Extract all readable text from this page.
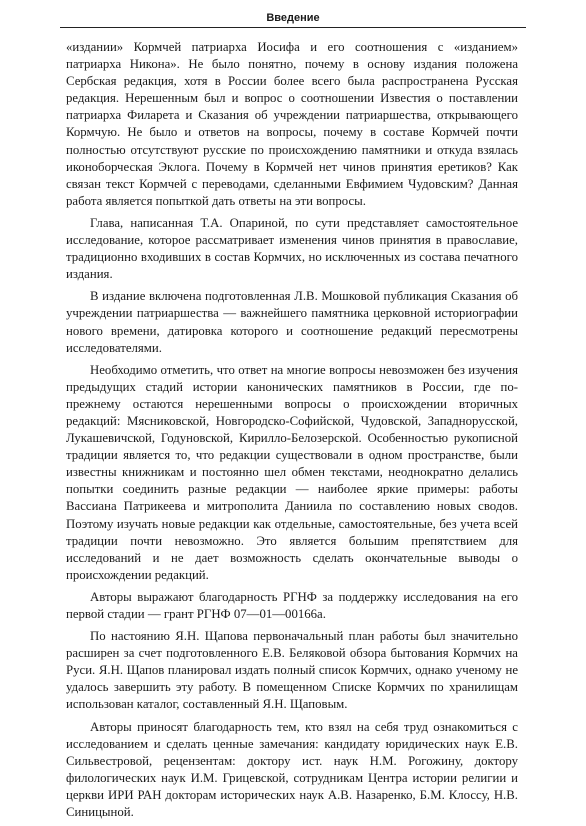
Введение

«издании» Кормчей патриарха Иосифа и его соотношения с «изданием» патриарха Никона». Не было понятно, почему в основу издания положена Сербская редакция, хотя в России более всего была распространена Русская редакция. Нерешенным был и вопрос о соотношении Известия о поставлении патриарха Филарета и Сказания об учреждении патриаршества, открывающего Кормчую. Не было и ответов на вопросы, почему в составе Кормчей почти полностью отсутствуют русские по происхождению памятники и откуда взялась иконоборческая Эклога. Почему в Кормчей нет чинов принятия еретиков? Как связан текст Кормчей с переводами, сделанными Евфимием Чудовским? Данная работа является попыткой дать ответы на эти вопросы.

Глава, написанная Т.А. Опариной, по сути представляет самостоятельное исследование, которое рассматривает изменения чинов принятия в православие, традиционно входивших в состав Кормчих, но исключенных из состава печатного издания.

В издание включена подготовленная Л.В. Мошковой публикация Сказания об учреждении патриаршества — важнейшего памятника церковной историографии нового времени, датировка которого и соотношение редакций пересмотрены исследователями.

Необходимо отметить, что ответ на многие вопросы невозможен без изучения предыдущих стадий истории канонических памятников в России, где по-прежнему остаются нерешенными вопросы о происхождении вторичных редакций: Мясниковской, Новгородско-Софийской, Чудовской, Западнорусской, Лукашевичской, Годуновской, Кирилло-Белозерской. Особенностью рукописной традиции является то, что редакции существовали в одном пространстве, были известны книжникам и постоянно шел обмен текстами, неоднократно делались попытки соединить разные редакции — наиболее яркие примеры: работы Вассиана Патрикеева и митрополита Даниила по составлению новых сводов. Поэтому изучать новые редакции как отдельные, самостоятельные, без учета всей традиции почти невозможно. Это является большим препятствием для исследований и не дает возможность сделать окончательные выводы о происхождении редакций.

Авторы выражают благодарность РГНФ за поддержку исследования на его первой стадии — грант РГНФ 07—01—00166а.

По настоянию Я.Н. Щапова первоначальный план работы был значительно расширен за счет подготовленного Е.В. Беляковой обзора бытования Кормчих на Руси. Я.Н. Щапов планировал издать полный список Кормчих, однако ученому не удалось завершить эту работу. В помещенном Списке Кормчих по хранилищам использован каталог, составленный Я.Н. Щаповым.

Авторы приносят благодарность тем, кто взял на себя труд ознакомиться с исследованием и сделать ценные замечания: кандидату юридических наук Е.В. Сильвестровой, рецензентам: доктору ист. наук Н.М. Рогожину, доктору филологических наук И.М. Грицевской, сотрудникам Центра истории религии и церкви ИРИ РАН докторам исторических наук А.В. Назаренко, Б.М. Клоссу, Н.В. Синицыной.
